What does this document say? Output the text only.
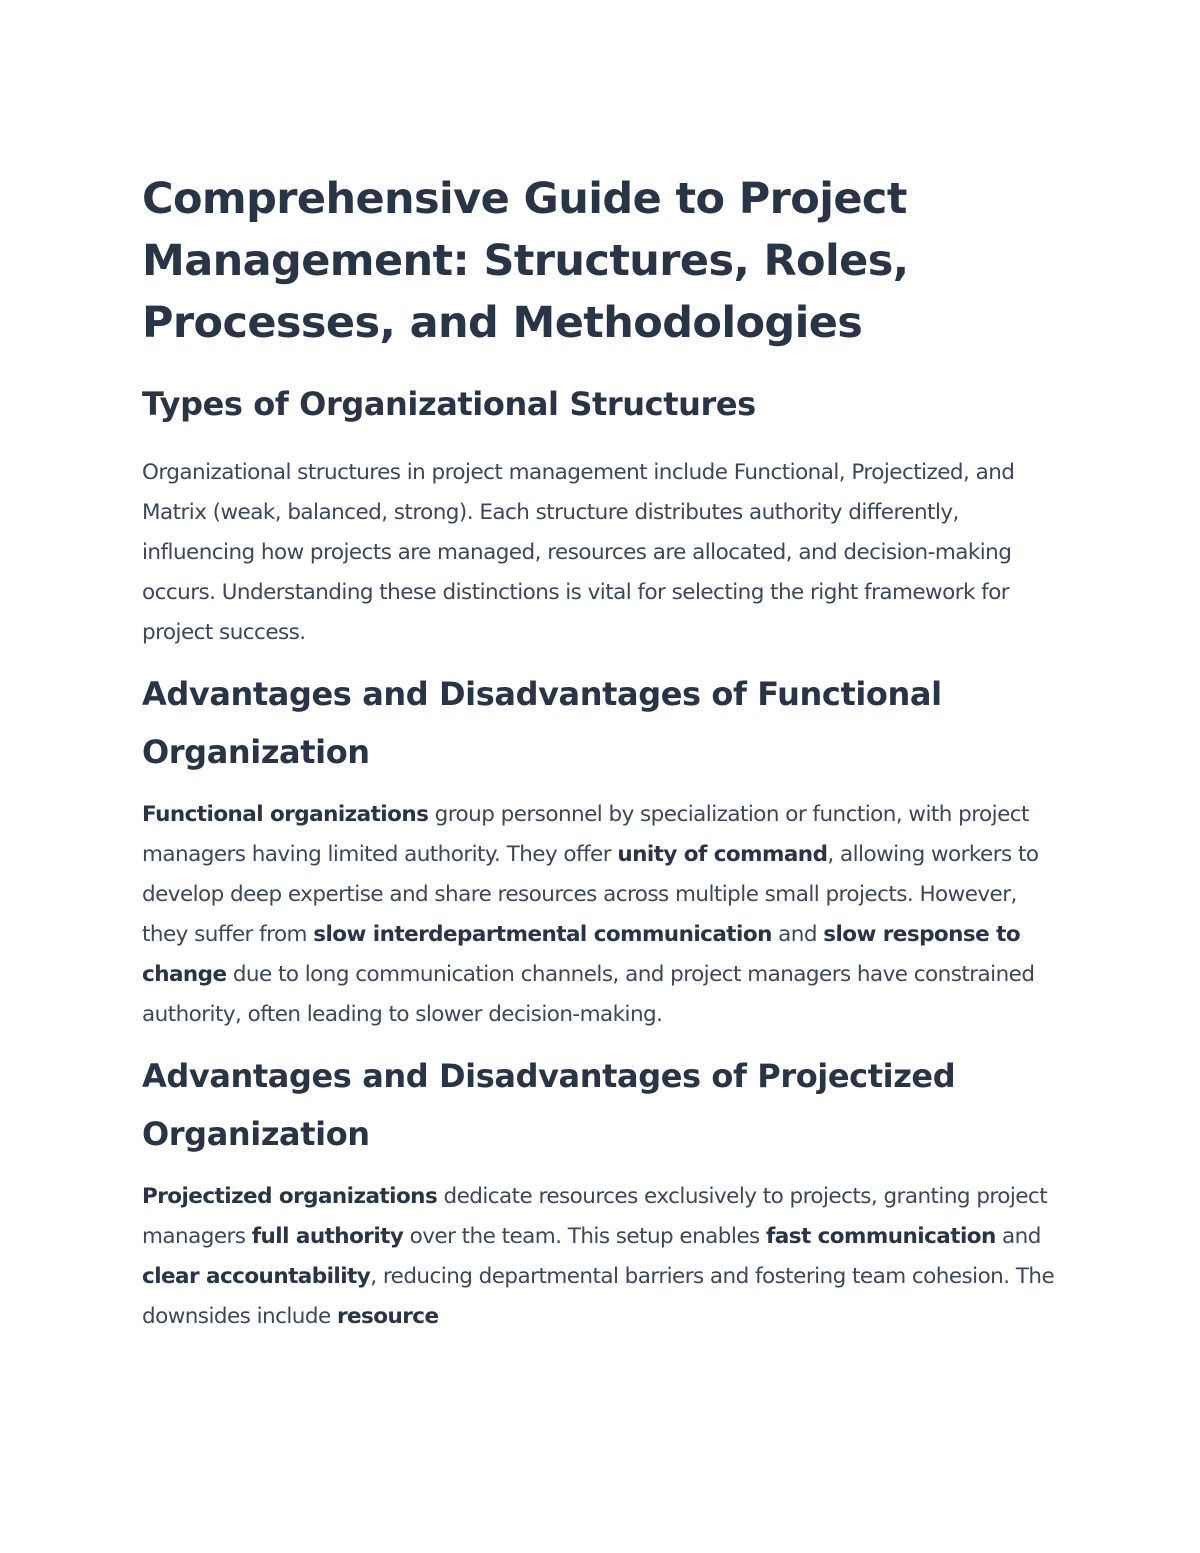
Comprehensive Guide to Project Management: Structures, Roles, Processes, and Methodologies
Types of Organizational Structures

Organizational structures in project management include Functional, Projectized, and Matrix (weak, balanced, strong). Each structure distributes authority differently, influencing how projects are managed, resources are allocated, and decision-making occurs. Understanding these distinctions is vital for selecting the right framework for project success.

Advantages and Disadvantages of Functional Organization

Functional organizations group personnel by specialization or function, with project managers having limited authority. They offer unity of command, allowing workers to develop deep expertise and share resources across multiple small projects. However, they suffer from slow interdepartmental communication and slow response to change due to long communication channels, and project managers have constrained authority, often leading to slower decision-making.

Advantages and Disadvantages of Projectized Organization

Projectized organizations dedicate resources exclusively to projects, granting project managers full authority over the team. This setup enables fast communication and clear accountability, reducing departmental barriers and fostering team cohesion. The downsides include resource
